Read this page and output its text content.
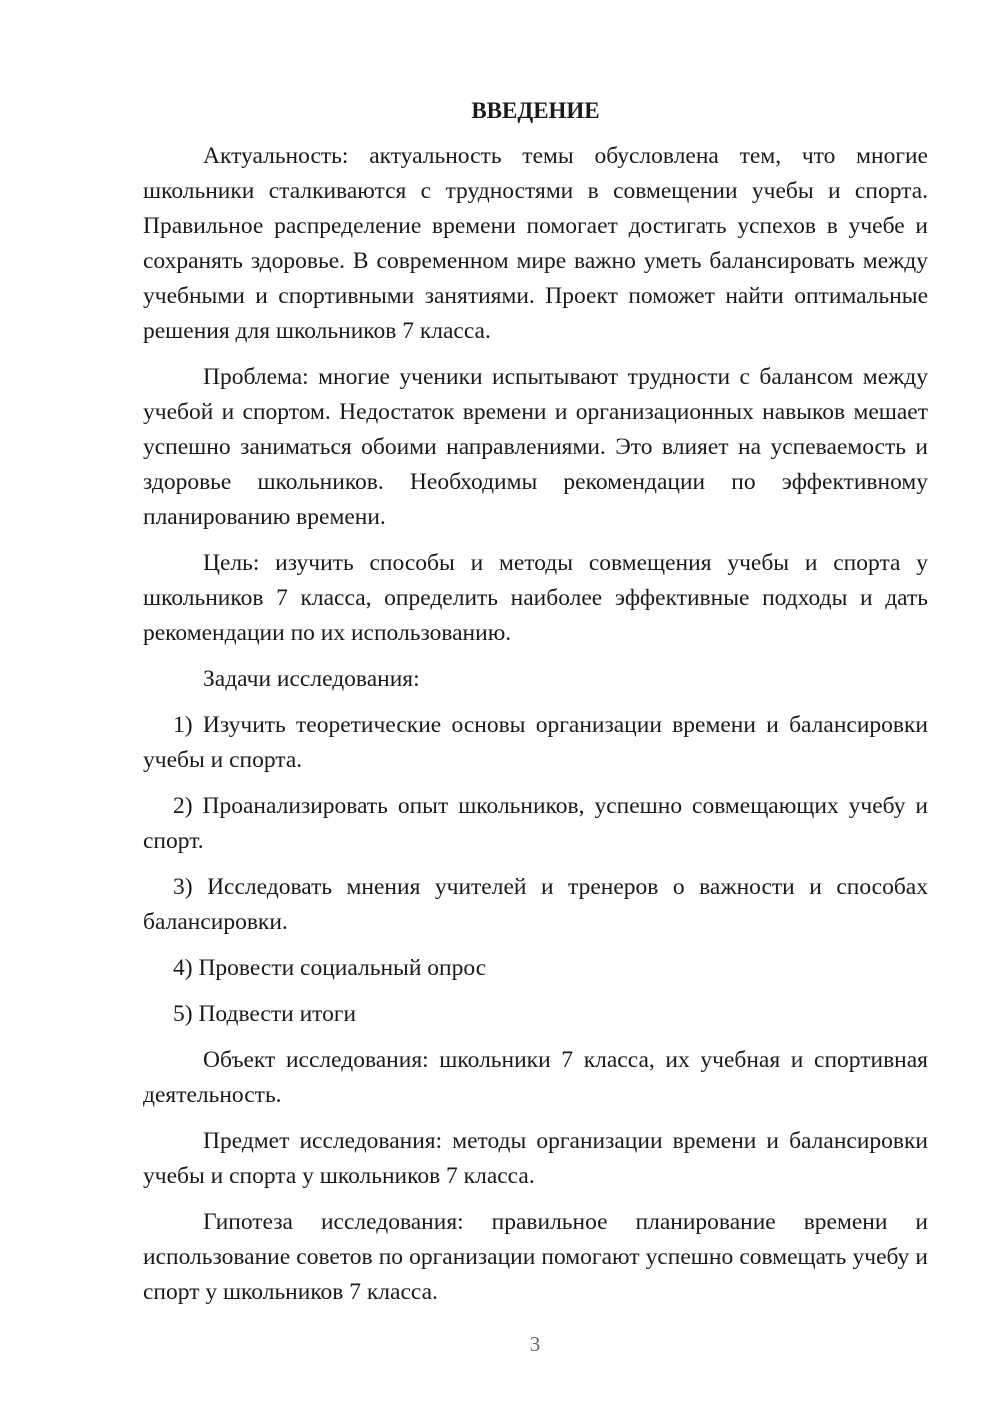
ВВЕДЕНИЕ

Актуальность: актуальность темы обусловлена тем, что многие школьники сталкиваются с трудностями в совмещении учебы и спорта. Правильное распределение времени помогает достигать успехов в учебе и сохранять здоровье. В современном мире важно уметь балансировать между учебными и спортивными занятиями. Проект поможет найти оптимальные решения для школьников 7 класса.

Проблема: многие ученики испытывают трудности с балансом между учебой и спортом. Недостаток времени и организационных навыков мешает успешно заниматься обоими направлениями. Это влияет на успеваемость и здоровье школьников. Необходимы рекомендации по эффективному планированию времени.

Цель: изучить способы и методы совмещения учебы и спорта у школьников 7 класса, определить наиболее эффективные подходы и дать рекомендации по их использованию.

Задачи исследования:

1) Изучить теоретические основы организации времени и балансировки учебы и спорта.

2) Проанализировать опыт школьников, успешно совмещающих учебу и спорт.

3) Исследовать мнения учителей и тренеров о важности и способах балансировки.

4) Провести социальный опрос

5) Подвести итоги

Объект исследования: школьники 7 класса, их учебная и спортивная деятельность.

Предмет исследования: методы организации времени и балансировки учебы и спорта у школьников 7 класса.

Гипотеза исследования: правильное планирование времени и использование советов по организации помогают успешно совмещать учебу и спорт у школьников 7 класса.

3
